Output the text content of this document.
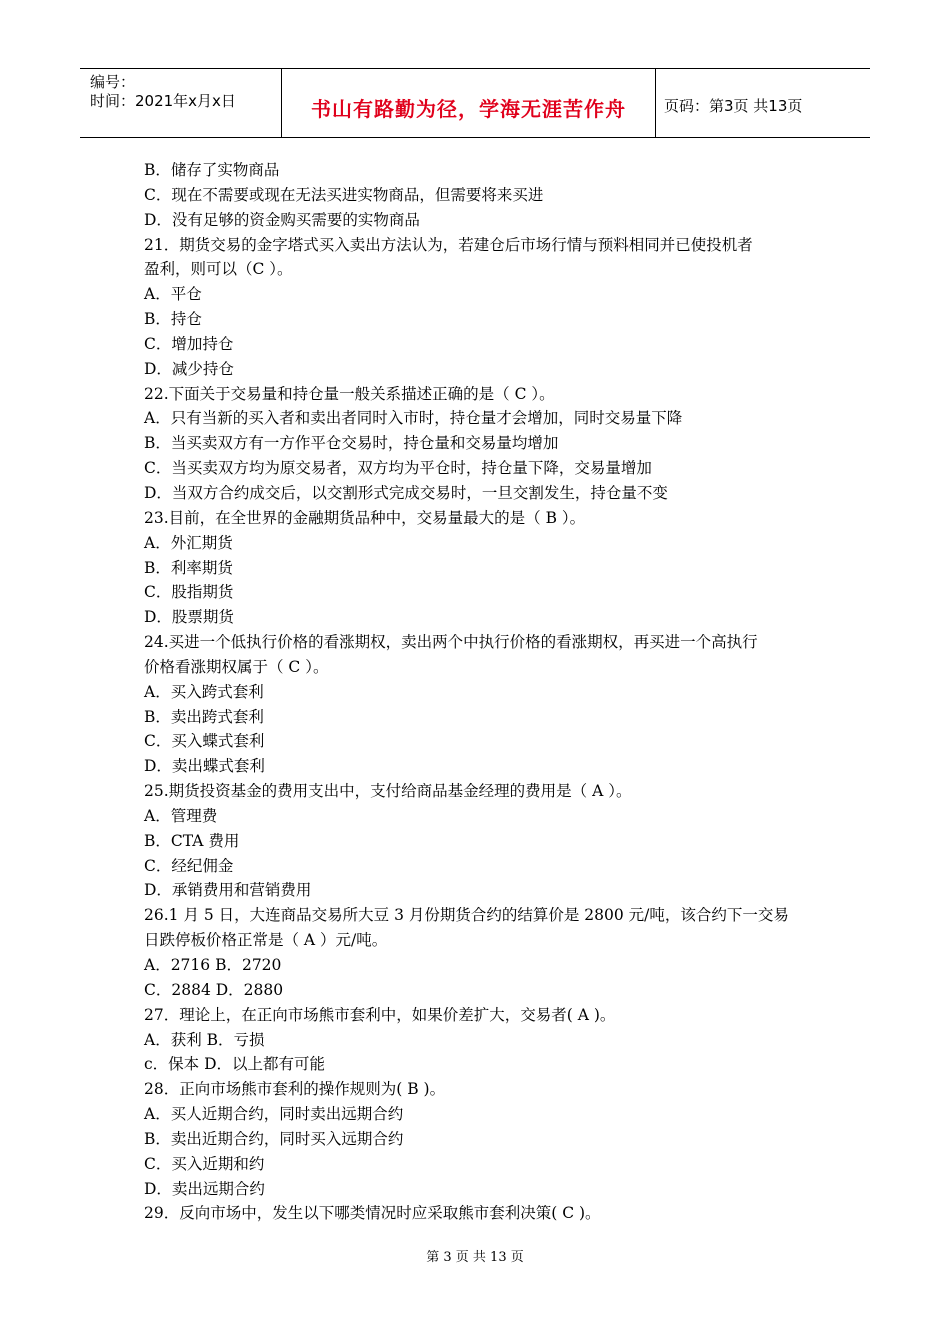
编号：
时间：2021年x月x日	书山有路勤为径，学海无涯苦作舟	页码：第3页 共13页
B．储存了实物商品
C．现在不需要或现在无法买进实物商品，但需要将来买进
D．没有足够的资金购买需要的实物商品
21．期货交易的金字塔式买入卖出方法认为，若建仓后市场行情与预料相同并已使投机者
盈利，则可以（C ）。
A．平仓
B．持仓
C．增加持仓
D．减少持仓
22.下面关于交易量和持仓量一般关系描述正确的是（ C ）。
A．只有当新的买入者和卖出者同时入市时，持仓量才会增加，同时交易量下降
B．当买卖双方有一方作平仓交易时，持仓量和交易量均增加
C．当买卖双方均为原交易者，双方均为平仓时，持仓量下降，交易量增加
D．当双方合约成交后，以交割形式完成交易时，一旦交割发生，持仓量不变
23.目前，在全世界的金融期货品种中，交易量最大的是（ B ）。
A．外汇期货
B．利率期货
C．股指期货
D．股票期货
24.买进一个低执行价格的看涨期权，卖出两个中执行价格的看涨期权，再买进一个高执行
价格看涨期权属于（ C ）。
A．买入跨式套利
B．卖出跨式套利
C．买入蝶式套利
D．卖出蝶式套利
25.期货投资基金的费用支出中，支付给商品基金经理的费用是（ A ）。
A．管理费
B．CTA 费用
C．经纪佣金
D．承销费用和营销费用
26.1 月 5 日，大连商品交易所大豆 3 月份期货合约的结算价是 2800 元/吨，该合约下一交易
日跌停板价格正常是（ A ）元/吨。
A．2716 B．2720
C．2884 D．2880
27．理论上，在正向市场熊市套利中，如果价差扩大，交易者( A )。
A．获利 B．亏损
c．保本 D．以上都有可能
28．正向市场熊市套利的操作规则为( B )。
A．买人近期合约，同时卖出远期合约
B．卖出近期合约，同时买入远期合约
C．买入近期和约
D．卖出远期合约
29．反向市场中，发生以下哪类情况时应采取熊市套利决策( C )。
第 3 页 共 13 页
